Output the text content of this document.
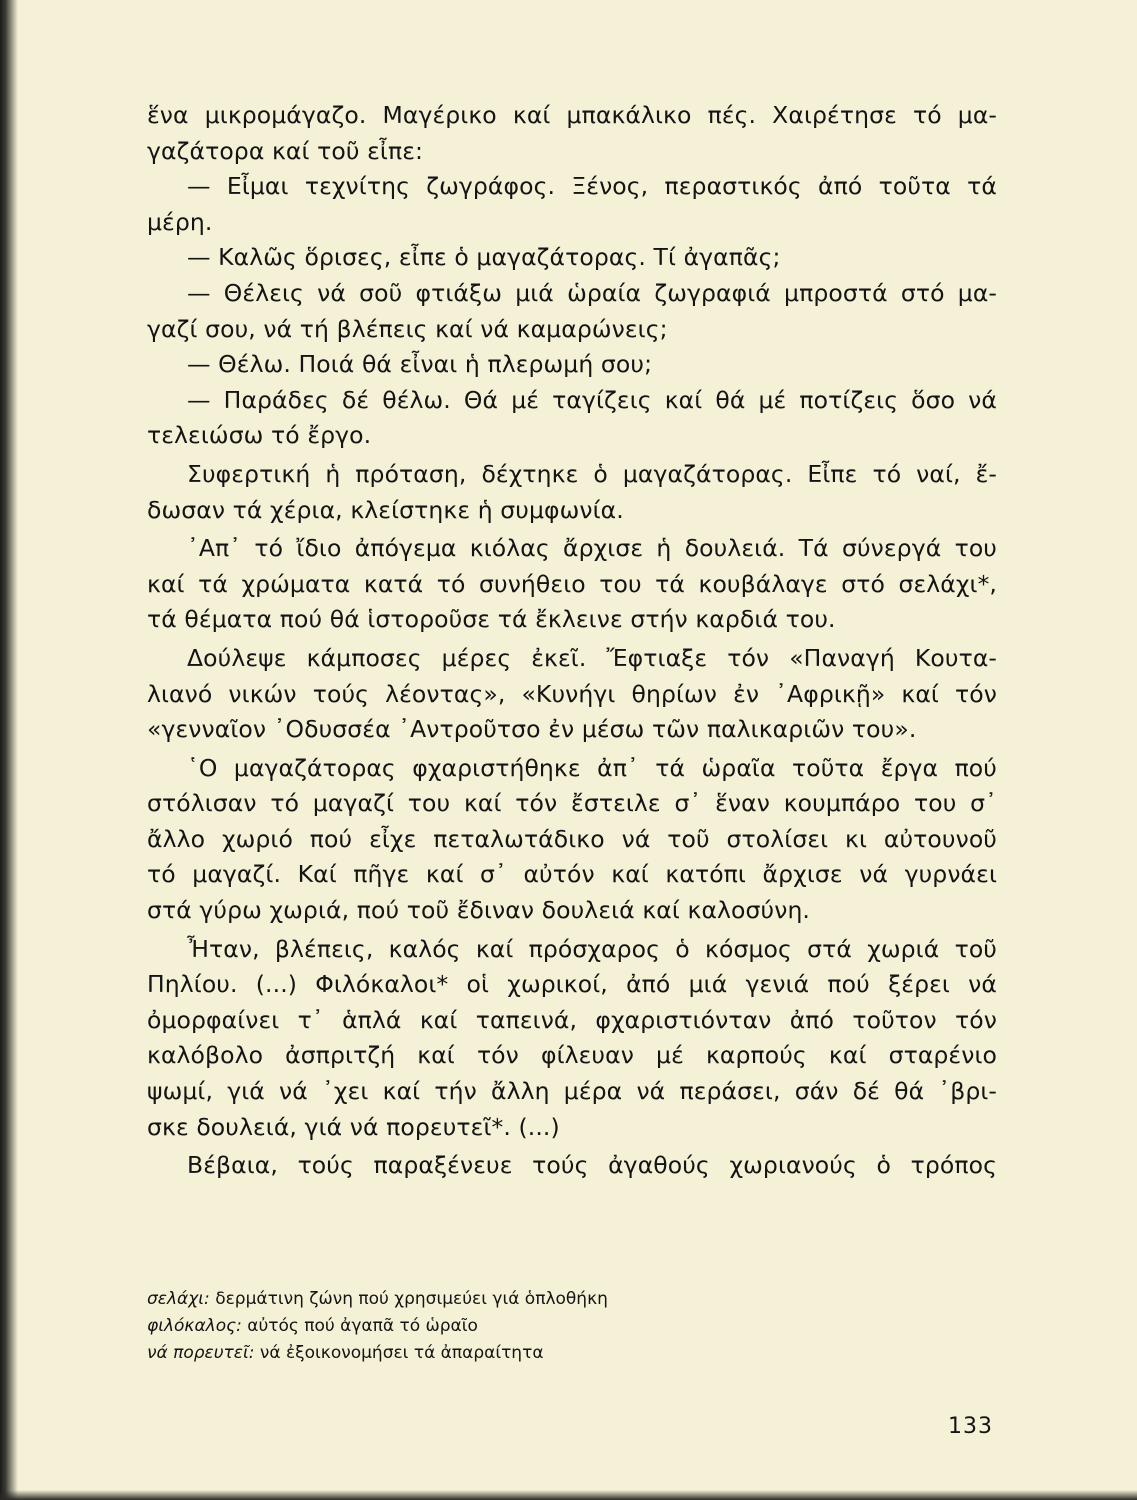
ἕνα μικρομάγαζο. Μαγέρικο καί μπακάλικο πές. Χαιρέτησε τό μα-
γαζάτορα καί τοῦ εἶπε:
— Εἶμαι τεχνίτης ζωγράφος. Ξένος, περαστικός ἀπό τοῦτα τά
μέρη.
— Καλῶς ὅρισες, εἶπε ὁ μαγαζάτορας. Τί ἀγαπᾶς;
— Θέλεις νά σοῦ φτιάξω μιά ὡραία ζωγραφιά μπροστά στό μα-
γαζί σου, νά τή βλέπεις καί νά καμαρώνεις;
— Θέλω. Ποιά θά εἶναι ἡ πλερωμή σου;
— Παράδες δέ θέλω. Θά μέ ταγίζεις καί θά μέ ποτίζεις ὅσο νά
τελειώσω τό ἔργο.
Συφερτική ἡ πρόταση, δέχτηκε ὁ μαγαζάτορας. Εἶπε τό ναί, ἔ-
δωσαν τά χέρια, κλείστηκε ἡ συμφωνία.
᾿Απ᾿ τό ἴδιο ἀπόγεμα κιόλας ἄρχισε ἡ δουλειά. Τά σύνεργά του
καί τά χρώματα κατά τό συνήθειο του τά κουβάλαγε στό σελάχι*,
τά θέματα πού θά ἱστοροῦσε τά ἔκλεινε στήν καρδιά του.
Δούλεψε κάμποσες μέρες ἐκεῖ. Ἔφτιαξε τόν «Παναγή Κουτα-
λιανό νικών τούς λέοντας», «Κυνήγι θηρίων ἐν ᾿Αφρικῇ» καί τόν
«γενναῖον ᾿Οδυσσέα ᾿Αντροῦτσο ἐν μέσω τῶν παλικαριῶν του».
῾Ο μαγαζάτορας φχαριστήθηκε ἀπ᾿ τά ὡραῖα τοῦτα ἔργα πού
στόλισαν τό μαγαζί του καί τόν ἔστειλε σ᾿ ἕναν κουμπάρο του σ᾿
ἄλλο χωριό πού εἶχε πεταλωτάδικο νά τοῦ στολίσει κι αὐτουνοῦ
τό μαγαζί. Καί πῆγε καί σ᾿ αὐτόν καί κατόπι ἄρχισε νά γυρνάει
στά γύρω χωριά, πού τοῦ ἔδιναν δουλειά καί καλοσύνη.
Ἦταν, βλέπεις, καλός καί πρόσχαρος ὁ κόσμος στά χωριά τοῦ
Πηλίου. (...) Φιλόκαλοι* οἱ χωρικοί, ἀπό μιά γενιά πού ξέρει νά
ὀμορφαίνει τ᾿ ἁπλά καί ταπεινά, φχαριστιόνταν ἀπό τοῦτον τόν
καλόβολο ἀσπριτζή καί τόν φίλευαν μέ καρπούς καί σταρένιο
ψωμί, γιά νά ᾿χει καί τήν ἄλλη μέρα νά περάσει, σάν δέ θά ᾿βρι-
σκε δουλειά, γιά νά πορευτεῖ*. (...)
Βέβαια, τούς παραξένευε τούς ἀγαθούς χωριανούς ὁ τρόπος
σελάχι: δερμάτινη ζώνη πού χρησιμεύει γιά ὁπλοθήκη
φιλόκαλος: αὐτός πού ἀγαπᾶ τό ὡραῖο
νά πορευτεῖ: νά ἐξοικονομήσει τά ἀπαραίτητα
133
